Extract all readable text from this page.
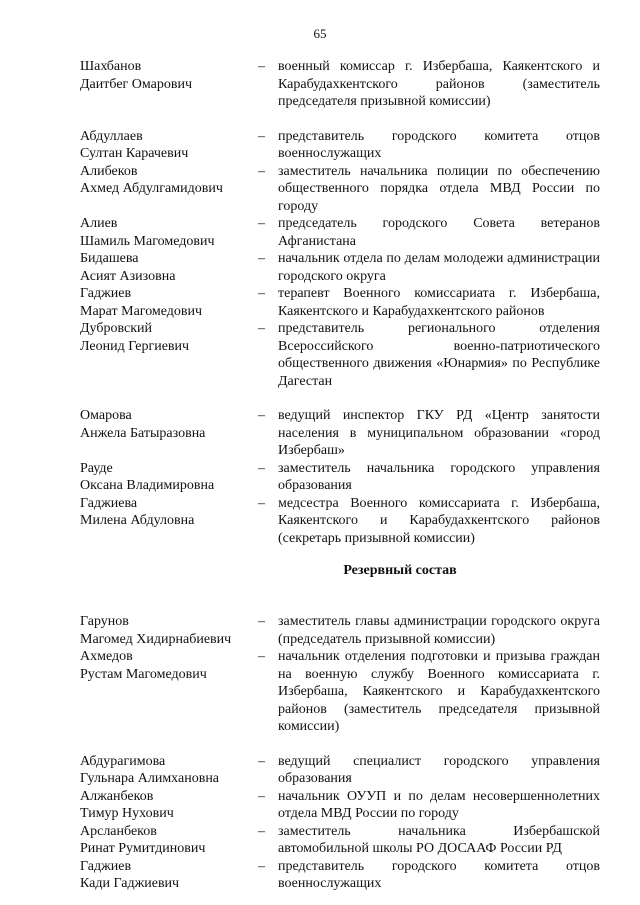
65
Шахбанов
Даитбег Омарович
– военный комиссар г. Избербаша, Каякентского и Карабудахкентского районов (заместитель председателя призывной комиссии)
Абдуллаев
Султан Карачевич
– представитель городского комитета отцов военнослужащих
Алибеков
Ахмед Абдулгамидович
– заместитель начальника полиции по обеспечению общественного порядка отдела МВД России по городу
Алиев
Шамиль Магомедович
– председатель городского Совета ветеранов Афганистана
Бидашева
Асият Азизовна
– начальник отдела по делам молодежи администрации городского округа
Гаджиев
Марат Магомедович
– терапевт Военного комиссариата г. Избербаша, Каякентского и Карабудахкентского районов
Дубровский
Леонид Гергиевич
– представитель регионального отделения Всероссийского военно-патриотического общественного движения «Юнармия» по Республике Дагестан
Омарова
Анжела Батыразовна
– ведущий инспектор ГКУ РД «Центр занятости населения в муниципальном образовании «город Избербаш»
Рауде
Оксана Владимировна
– заместитель начальника городского управления образования
Гаджиева
Милена Абдуловна
– медсестра Военного комиссариата г. Избербаша, Каякентского и Карабудахкентского районов (секретарь призывной комиссии)
Резервный состав
Гарунов
Магомед Хидирнабиевич
– заместитель главы администрации городского округа (председатель призывной комиссии)
Ахмедов
Рустам Магомедович
– начальник отделения подготовки и призыва граждан на военную службу Военного комиссариата г. Избербаша, Каякентского и Карабудахкентского районов (заместитель председателя призывной комиссии)
Абдурагимова
Гульнара Алимхановна
– ведущий специалист городского управления образования
Алжанбеков
Тимур Нухович
– начальник ОУУП и по делам несовершеннолетних отдела МВД России по городу
Арсланбеков
Ринат Румитдинович
– заместитель начальника Избербашской автомобильной школы РО ДОСААФ России РД
Гаджиев
Кади Гаджиевич
– представитель городского комитета отцов военнослужащих
